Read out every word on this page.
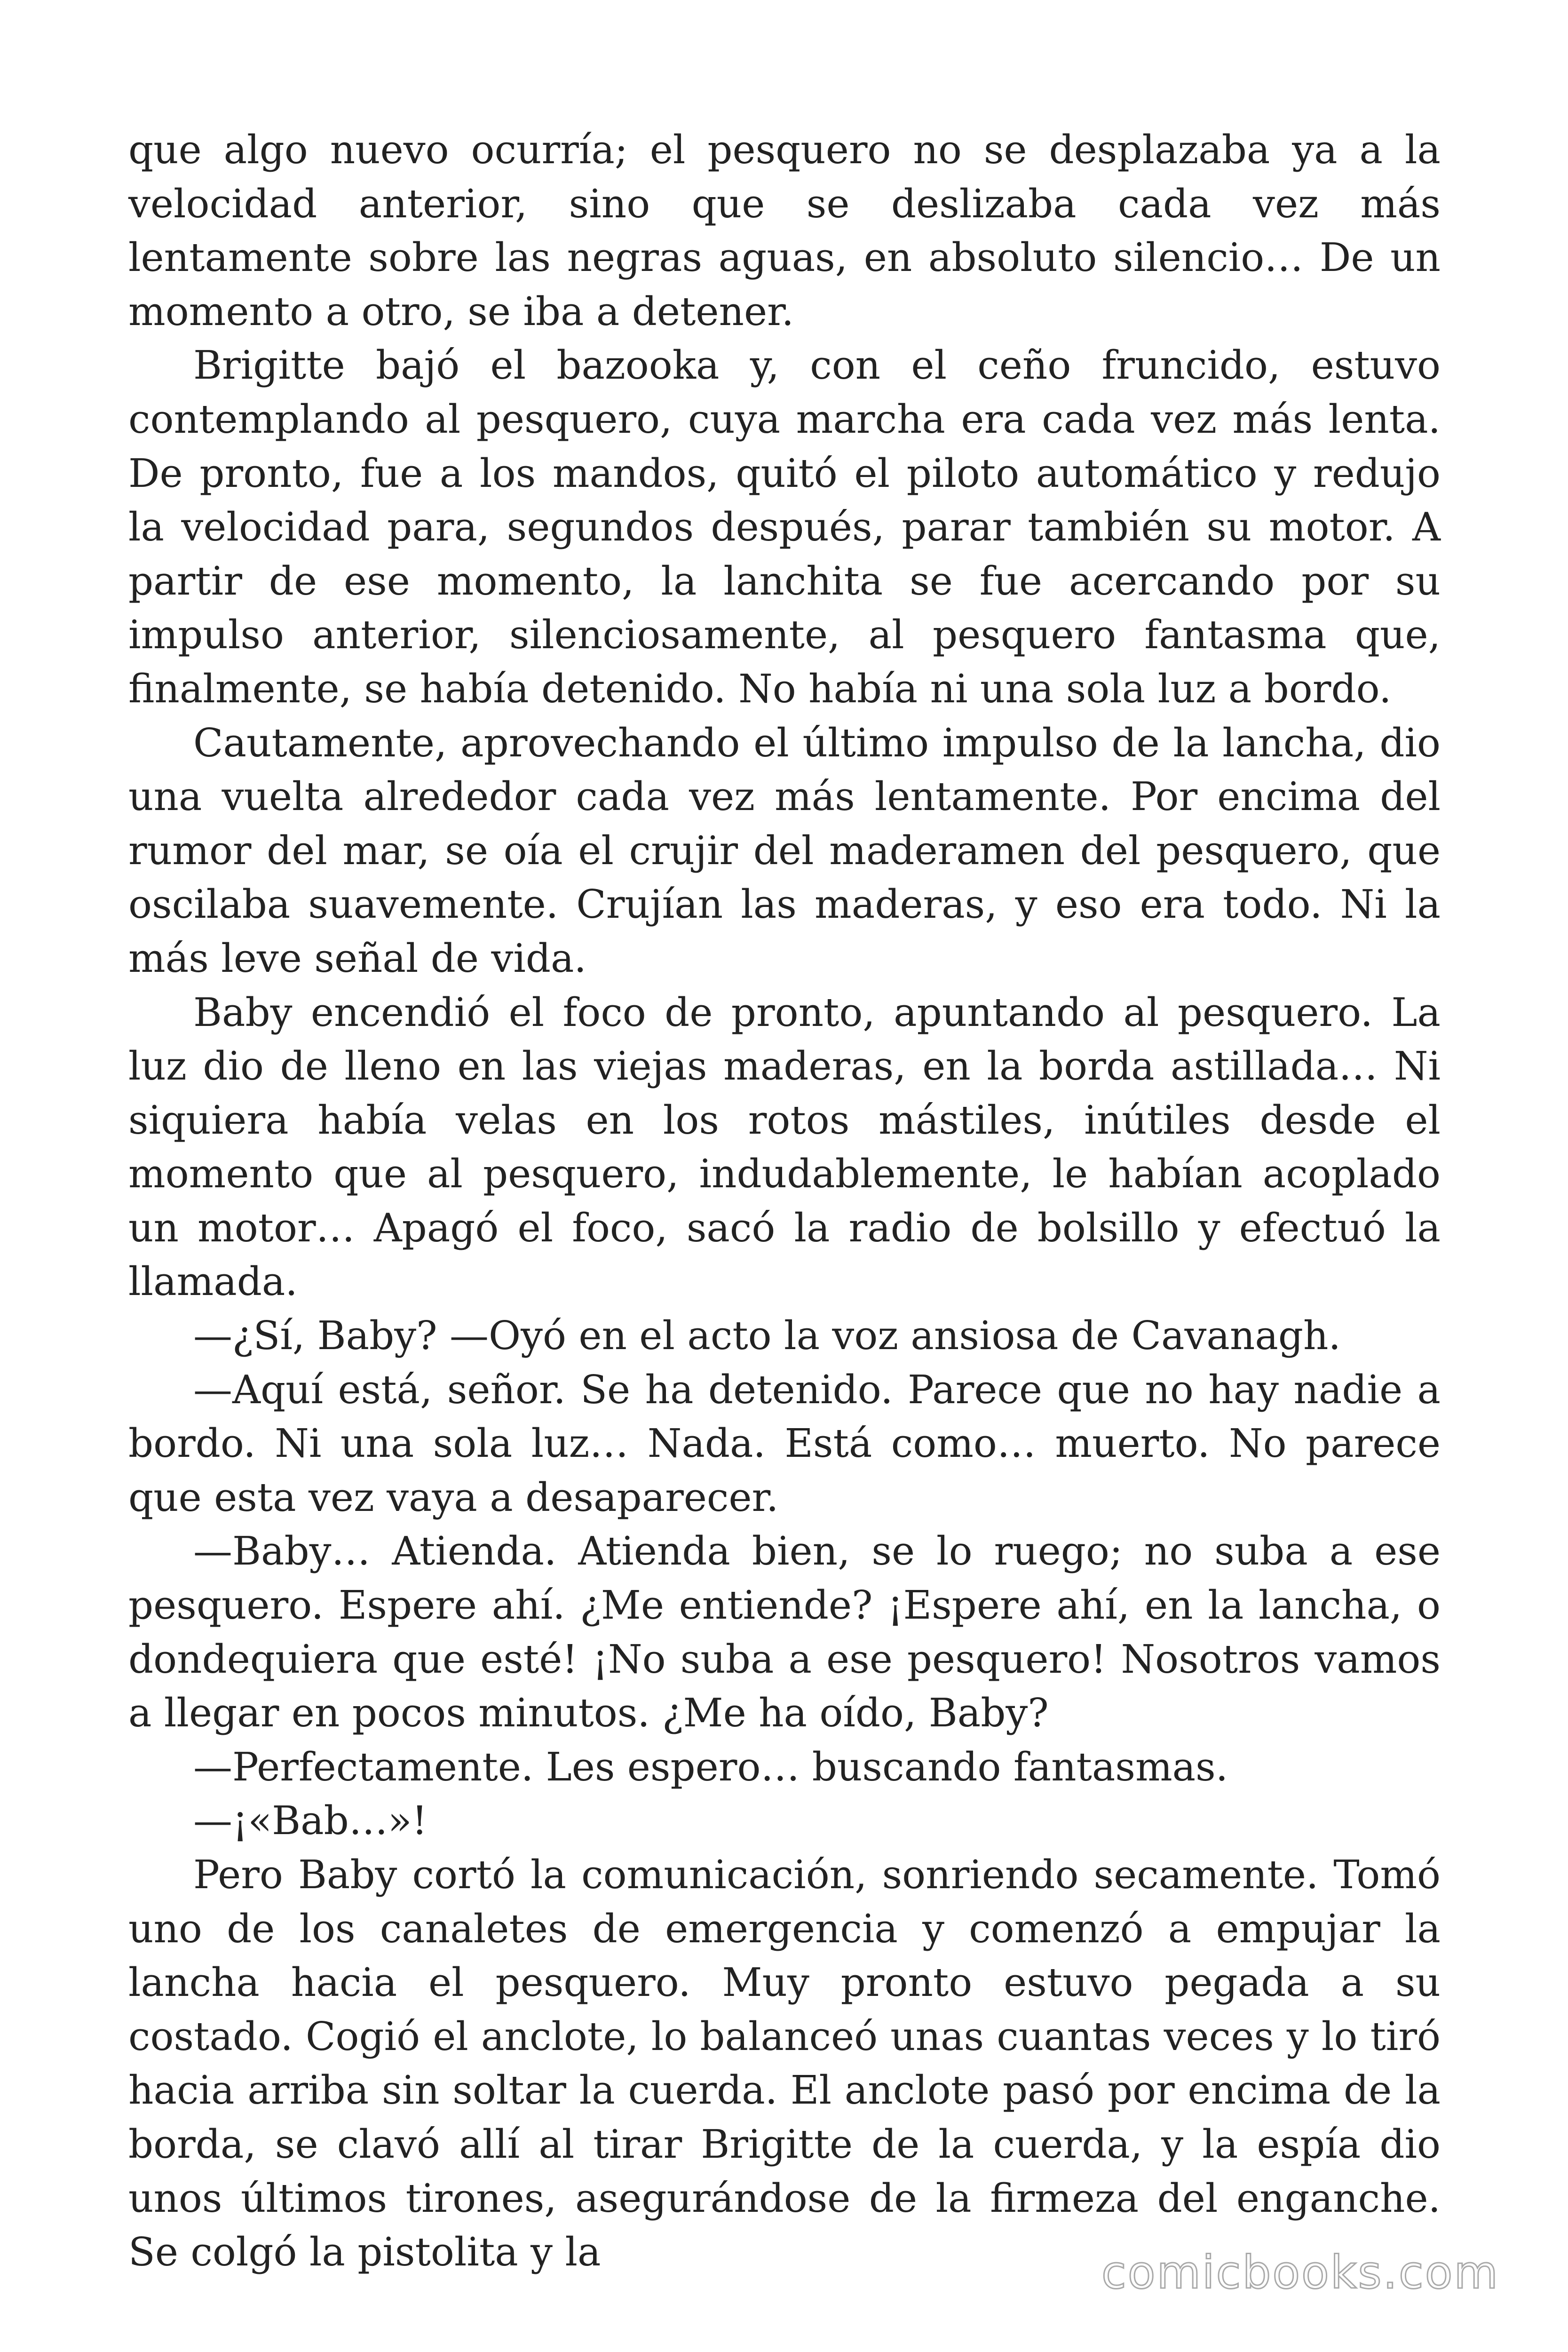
que algo nuevo ocurría; el pesquero no se desplazaba ya a la velocidad anterior, sino que se deslizaba cada vez más lentamente sobre las negras aguas, en absoluto silencio… De un momento a otro, se iba a detener.

Brigitte bajó el bazooka y, con el ceño fruncido, estuvo contemplando al pesquero, cuya marcha era cada vez más lenta. De pronto, fue a los mandos, quitó el piloto automático y redujo la velocidad para, segundos después, parar también su motor. A partir de ese momento, la lanchita se fue acercando por su impulso anterior, silenciosamente, al pesquero fantasma que, finalmente, se había detenido. No había ni una sola luz a bordo.

Cautamente, aprovechando el último impulso de la lancha, dio una vuelta alrededor cada vez más lentamente. Por encima del rumor del mar, se oía el crujir del maderamen del pesquero, que oscilaba suavemente. Crujían las maderas, y eso era todo. Ni la más leve señal de vida.

Baby encendió el foco de pronto, apuntando al pesquero. La luz dio de lleno en las viejas maderas, en la borda astillada… Ni siquiera había velas en los rotos mástiles, inútiles desde el momento que al pesquero, indudablemente, le habían acoplado un motor… Apagó el foco, sacó la radio de bolsillo y efectuó la llamada.

—¿Sí, Baby? —Oyó en el acto la voz ansiosa de Cavanagh.

—Aquí está, señor. Se ha detenido. Parece que no hay nadie a bordo. Ni una sola luz… Nada. Está como… muerto. No parece que esta vez vaya a desaparecer.

—Baby… Atienda. Atienda bien, se lo ruego; no suba a ese pesquero. Espere ahí. ¿Me entiende? ¡Espere ahí, en la lancha, o dondequiera que esté! ¡No suba a ese pesquero! Nosotros vamos a llegar en pocos minutos. ¿Me ha oído, Baby?

—Perfectamente. Les espero… buscando fantasmas.

—¡«Bab…»!

Pero Baby cortó la comunicación, sonriendo secamente. Tomó uno de los canaletes de emergencia y comenzó a empujar la lancha hacia el pesquero. Muy pronto estuvo pegada a su costado. Cogió el anclote, lo balanceó unas cuantas veces y lo tiró hacia arriba sin soltar la cuerda. El anclote pasó por encima de la borda, se clavó allí al tirar Brigitte de la cuerda, y la espía dio unos últimos tirones, asegurándose de la firmeza del enganche. Se colgó la pistolita y la	comicbooks.com
